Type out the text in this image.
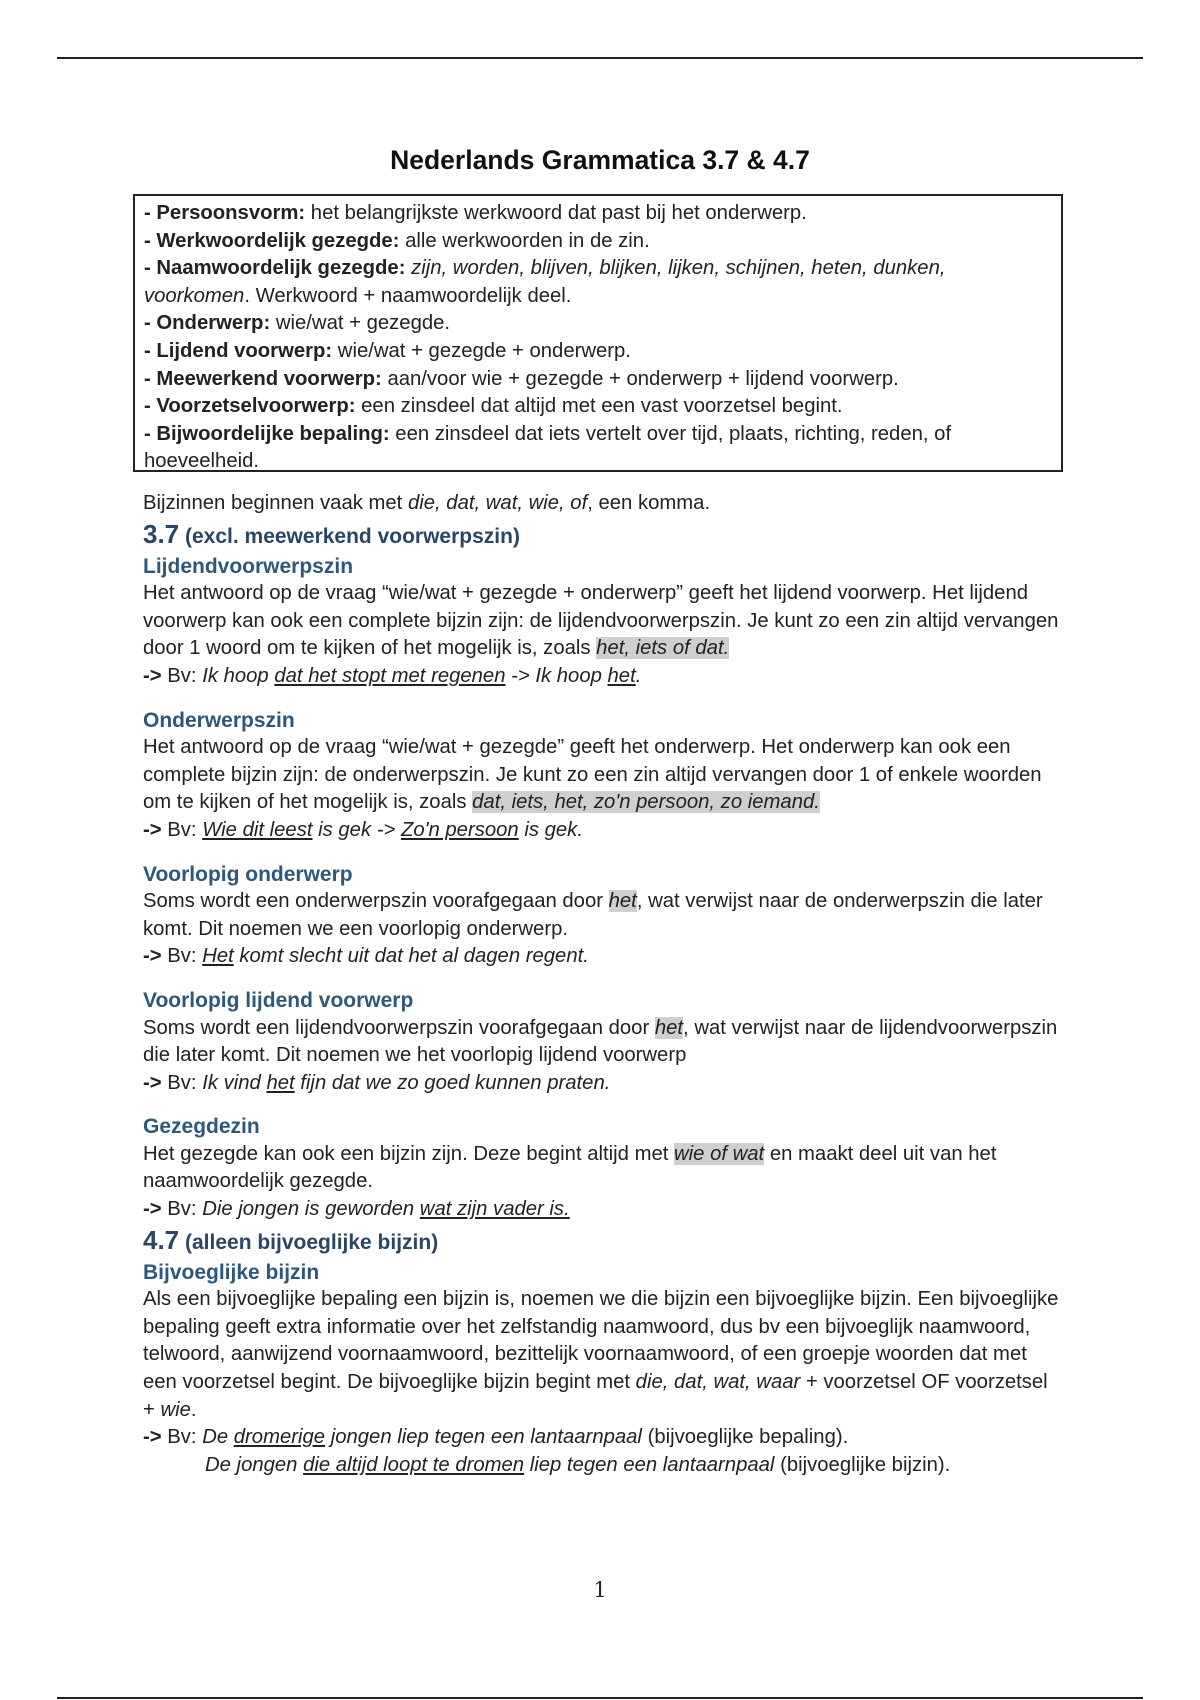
Nederlands Grammatica 3.7 & 4.7

- Persoonsvorm: het belangrijkste werkwoord dat past bij het onderwerp.

- Werkwoordelijk gezegde: alle werkwoorden in de zin.

- Naamwoordelijk gezegde: zijn, worden, blijven, blijken, lijken, schijnen, heten, dunken, voorkomen. Werkwoord + naamwoordelijk deel.

- Onderwerp: wie/wat + gezegde.

- Lijdend voorwerp: wie/wat + gezegde + onderwerp.

- Meewerkend voorwerp: aan/voor wie + gezegde + onderwerp + lijdend voorwerp.

- Voorzetselvoorwerp: een zinsdeel dat altijd met een vast voorzetsel begint.

- Bijwoordelijke bepaling: een zinsdeel dat iets vertelt over tijd, plaats, richting, reden, of hoeveelheid.

Bijzinnen beginnen vaak met die, dat, wat, wie, of, een komma.

3.7 (excl. meewerkend voorwerpszin)

Lijdendvoorwerpszin

Het antwoord op de vraag “wie/wat + gezegde + onderwerp” geeft het lijdend voorwerp. Het lijdend voorwerp kan ook een complete bijzin zijn: de lijdendvoorwerpszin. Je kunt zo een zin altijd vervangen door 1 woord om te kijken of het mogelijk is, zoals het, iets of dat.

-> Bv: Ik hoop dat het stopt met regenen -> Ik hoop het.

Onderwerpszin

Het antwoord op de vraag “wie/wat + gezegde” geeft het onderwerp. Het onderwerp kan ook een complete bijzin zijn: de onderwerpszin. Je kunt zo een zin altijd vervangen door 1 of enkele woorden om te kijken of het mogelijk is, zoals dat, iets, het, zo'n persoon, zo iemand.

-> Bv: Wie dit leest is gek -> Zo'n persoon is gek.

Voorlopig onderwerp

Soms wordt een onderwerpszin voorafgegaan door het, wat verwijst naar de onderwerpszin die later komt. Dit noemen we een voorlopig onderwerp.

-> Bv: Het komt slecht uit dat het al dagen regent.

Voorlopig lijdend voorwerp

Soms wordt een lijdendvoorwerpszin voorafgegaan door het, wat verwijst naar de lijdendvoorwerpszin die later komt. Dit noemen we het voorlopig lijdend voorwerp

-> Bv: Ik vind het fijn dat we zo goed kunnen praten.

Gezegdezin

Het gezegde kan ook een bijzin zijn. Deze begint altijd met wie of wat en maakt deel uit van het naamwoordelijk gezegde.

-> Bv: Die jongen is geworden wat zijn vader is.

4.7 (alleen bijvoeglijke bijzin)

Bijvoeglijke bijzin

Als een bijvoeglijke bepaling een bijzin is, noemen we die bijzin een bijvoeglijke bijzin. Een bijvoeglijke bepaling geeft extra informatie over het zelfstandig naamwoord, dus bv een bijvoeglijk naamwoord, telwoord, aanwijzend voornaamwoord, bezittelijk voornaamwoord, of een groepje woorden dat met een voorzetsel begint. De bijvoeglijke bijzin begint met die, dat, wat, waar + voorzetsel OF voorzetsel + wie.

-> Bv: De dromerige jongen liep tegen een lantaarnpaal (bijvoeglijke bepaling).

De jongen die altijd loopt te dromen liep tegen een lantaarnpaal (bijvoeglijke bijzin).

1
